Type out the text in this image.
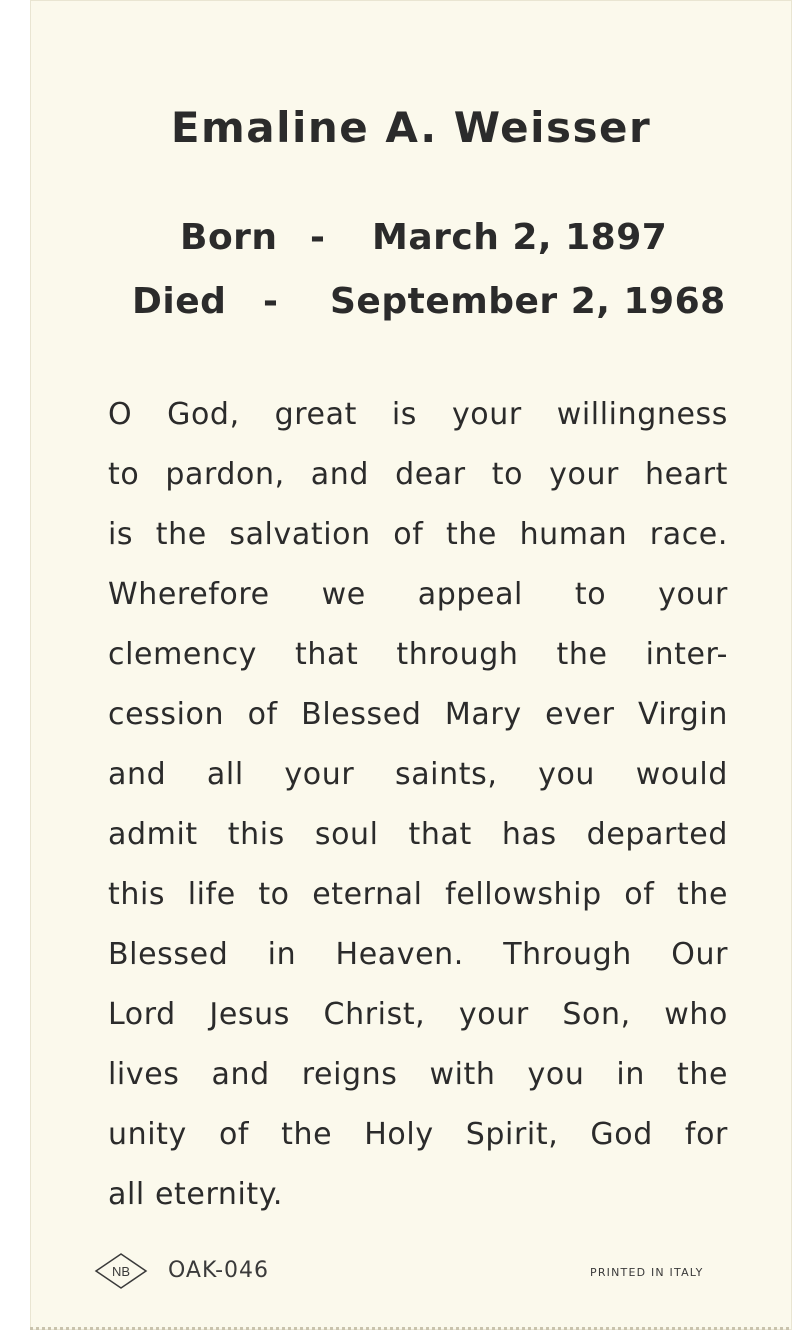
Emaline A. Weisser
Born - March 2, 1897
Died - September 2, 1968
O God, great is your willingness
to pardon, and dear to your heart
is the salvation of the human race.
Wherefore we appeal to your
clemency that through the inter-
cession of Blessed Mary ever Virgin
and all your saints, you would
admit this soul that has departed
this life to eternal fellowship of the
Blessed in Heaven. Through Our
Lord Jesus Christ, your Son, who
lives and reigns with you in the
unity of the Holy Spirit, God for
all eternity.
NB OAK-046	PRINTED IN ITALY
